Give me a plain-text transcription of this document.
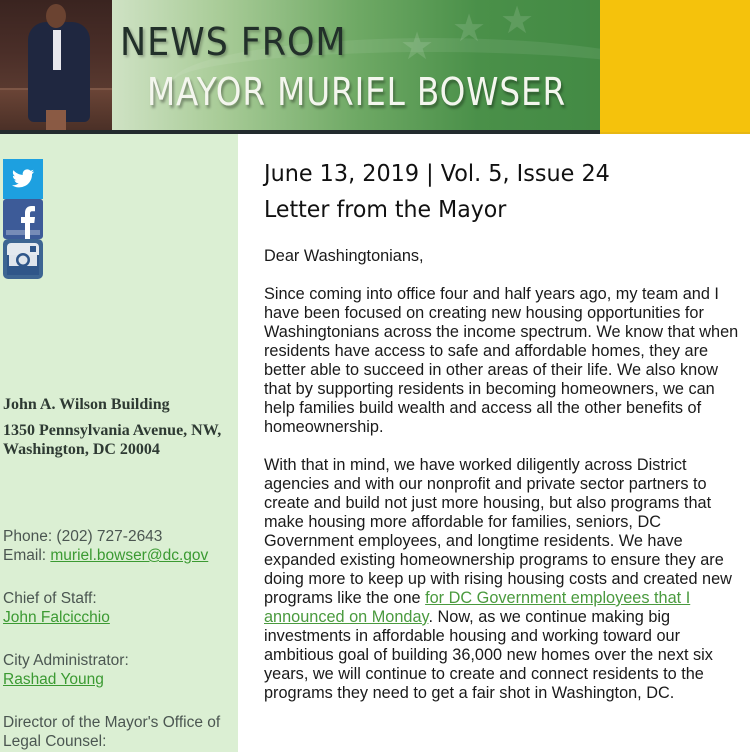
★ ★ ★
NEWS FROM
MAYOR MURIEL BOWSER
John A. Wilson Building
1350 Pennsylvania Avenue, NW, Washington, DC 20004
Phone: (202) 727-2643
Email: muriel.bowser@dc.gov
Chief of Staff:
John Falcicchio
City Administrator:
Rashad Young
Director of the Mayor's Office of Legal Counsel:
June 13, 2019 | Vol. 5, Issue 24
Letter from the Mayor

Dear Washingtonians,

Since coming into office four and half years ago, my team and I have been focused on creating new housing opportunities for Washingtonians across the income spectrum. We know that when residents have access to safe and affordable homes, they are better able to succeed in other areas of their life. We also know that by supporting residents in becoming homeowners, we can help families build wealth and access all the other benefits of homeownership.

With that in mind, we have worked diligently across District agencies and with our nonprofit and private sector partners to create and build not just more housing, but also programs that make housing more affordable for families, seniors, DC Government employees, and longtime residents. We have expanded existing homeownership programs to ensure they are doing more to keep up with rising housing costs and created new programs like the one for DC Government employees that I announced on Monday. Now, as we continue making big investments in affordable housing and working toward our ambitious goal of building 36,000 new homes over the next six years, we will continue to create and connect residents to the programs they need to get a fair shot in Washington, DC.
